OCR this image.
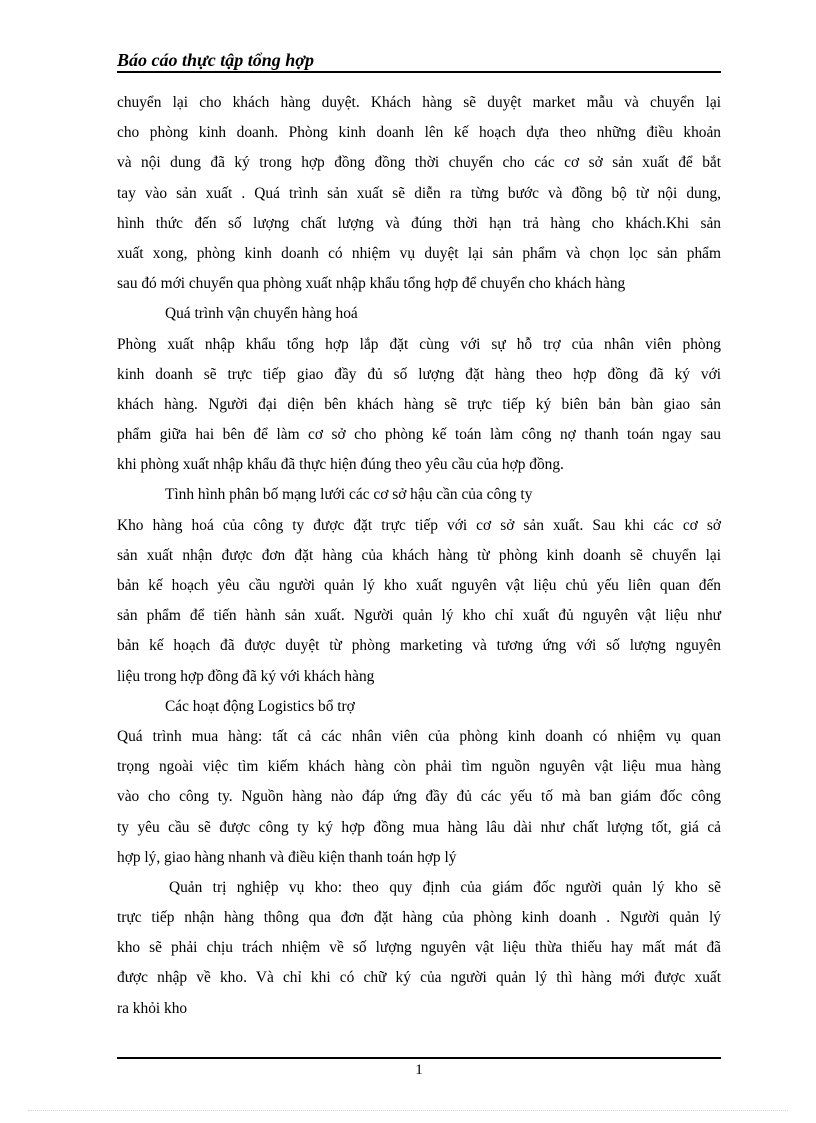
Báo cáo thực tập tổng hợp
chuyển lại cho khách hàng duyệt. Khách hàng sẽ duyệt market mẫu và chuyển lại
cho phòng kinh doanh. Phòng kinh doanh lên kế hoạch dựa theo những điều khoản
và nội dung đã ký trong hợp đồng đồng thời chuyển cho các cơ sở sản xuất để bắt
tay vào sản xuất . Quá trình sản xuất sẽ diễn ra từng bước và đồng bộ từ nội dung,
hình thức đến số lượng chất lượng và đúng thời hạn trả hàng cho khách.Khi sản
xuất xong, phòng kinh doanh có nhiệm vụ duyệt lại sản phẩm và chọn lọc sản phẩm
sau đó mới chuyển qua phòng xuất nhập khẩu tổng hợp để chuyển cho khách hàng
Quá trình vận chuyển hàng hoá
Phòng xuất nhập khẩu tổng hợp lắp đặt cùng với sự hỗ trợ của nhân viên phòng
kinh doanh sẽ trực tiếp giao đầy đủ số lượng đặt hàng theo hợp đồng đã ký với
khách hàng. Người đại diện bên khách hàng sẽ trực tiếp ký biên bản bàn giao sản
phẩm giữa hai bên để làm cơ sở cho phòng kế toán làm công nợ thanh toán ngay sau
khi phòng xuất nhập khẩu đã thực hiện đúng theo yêu cầu của hợp đồng.
Tình hình phân bố mạng lưới các cơ sở hậu cần của công ty
Kho hàng hoá của công ty được đặt trực tiếp với cơ sở sản xuất. Sau khi các cơ sở
sản xuất nhận được đơn đặt hàng của khách hàng từ phòng kinh doanh sẽ chuyển lại
bản kế hoạch yêu cầu người quản lý kho xuất nguyên vật liệu chủ yếu liên quan đến
sản phẩm để tiến hành sản xuất. Người quản lý kho chỉ xuất đủ nguyên vật liệu như
bản kế hoạch đã được duyệt từ phòng marketing và tương ứng với số lượng nguyên
liệu trong hợp đồng đã ký với khách hàng
Các hoạt động Logistics bổ trợ
Quá trình mua hàng: tất cả các nhân viên của phòng kinh doanh có nhiệm vụ quan
trọng ngoài việc tìm kiếm khách hàng còn phải tìm nguồn nguyên vật liệu mua hàng
vào cho công ty. Nguồn hàng nào đáp ứng đầy đủ các yếu tố mà ban giám đốc công
ty yêu cầu sẽ được công ty ký hợp đồng mua hàng lâu dài như chất lượng tốt, giá cả
hợp lý, giao hàng nhanh và điều kiện thanh toán hợp lý
Quản trị nghiệp vụ kho: theo quy định của giám đốc người quản lý kho sẽ
trực tiếp nhận hàng thông qua đơn đặt hàng của phòng kinh doanh . Người quản lý
kho sẽ phải chịu trách nhiệm về số lượng nguyên vật liệu thừa thiếu hay mất mát đã
được nhập về kho. Và chỉ khi có chữ ký của người quản lý thì hàng mới được xuất
ra khỏi kho
1
